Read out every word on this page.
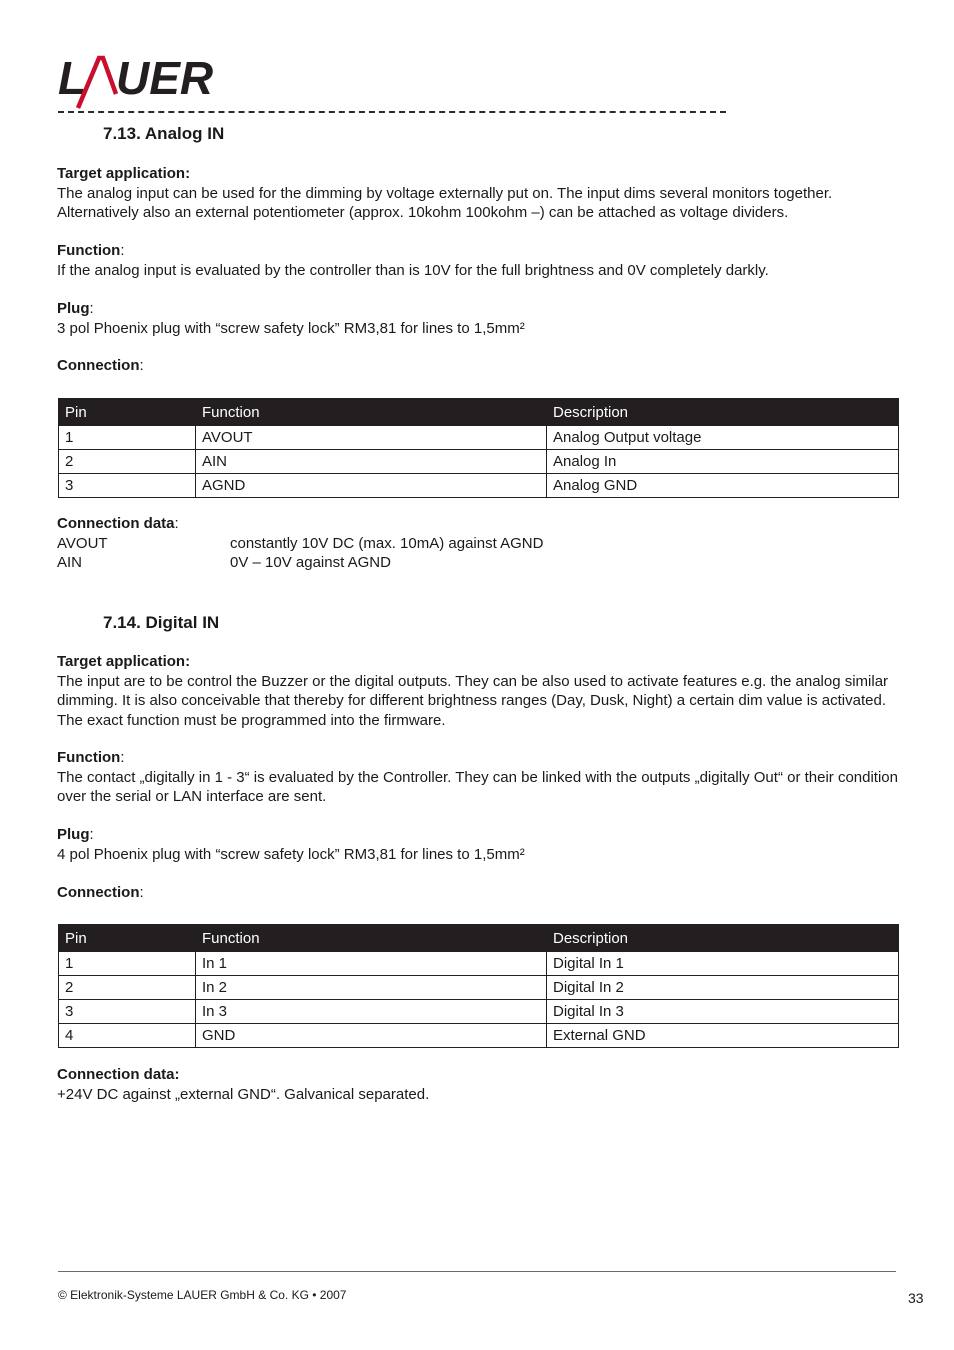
L UER
7.13. Analog IN
Target application:

The analog input can be used for the dimming by voltage externally put on. The input dims several monitors together. Alternatively also an external potentiometer (approx. 10kohm 100kohm –) can be attached as voltage dividers.

Function:

If the analog input is evaluated by the controller than is 10V for the full brightness and 0V completely darkly.

Plug:

3 pol Phoenix plug with “screw safety lock” RM3,81 for lines to 1,5mm²

Connection:
Pin	Function	Description
1	AVOUT	Analog Output voltage
2	AIN	Analog In
3	AGND	Analog GND
Connection data:
AVOUT	constantly 10V DC (max. 10mA) against AGND
AIN	0V – 10V against AGND
7.14. Digital IN
Target application:

The input are to be control the Buzzer or the digital outputs. They can be also used to activate features e.g. the analog similar dimming. It is also conceivable that thereby for different brightness ranges (Day, Dusk, Night) a certain dim value is activated. The exact function must be programmed into the firmware.

Function:

The contact „digitally in 1 - 3“ is evaluated by the Controller. They can be linked with the outputs „digitally Out“ or their condition over the serial or LAN interface are sent.

Plug:

4 pol Phoenix plug with “screw safety lock” RM3,81 for lines to 1,5mm²

Connection:
Pin	Function	Description
1	In 1	Digital In 1
2	In 2	Digital In 2
3	In 3	Digital In 3
4	GND	External GND
Connection data:

+24V DC against „external GND“. Galvanical separated.

© Elektronik-Systeme LAUER GmbH & Co. KG • 2007	33
